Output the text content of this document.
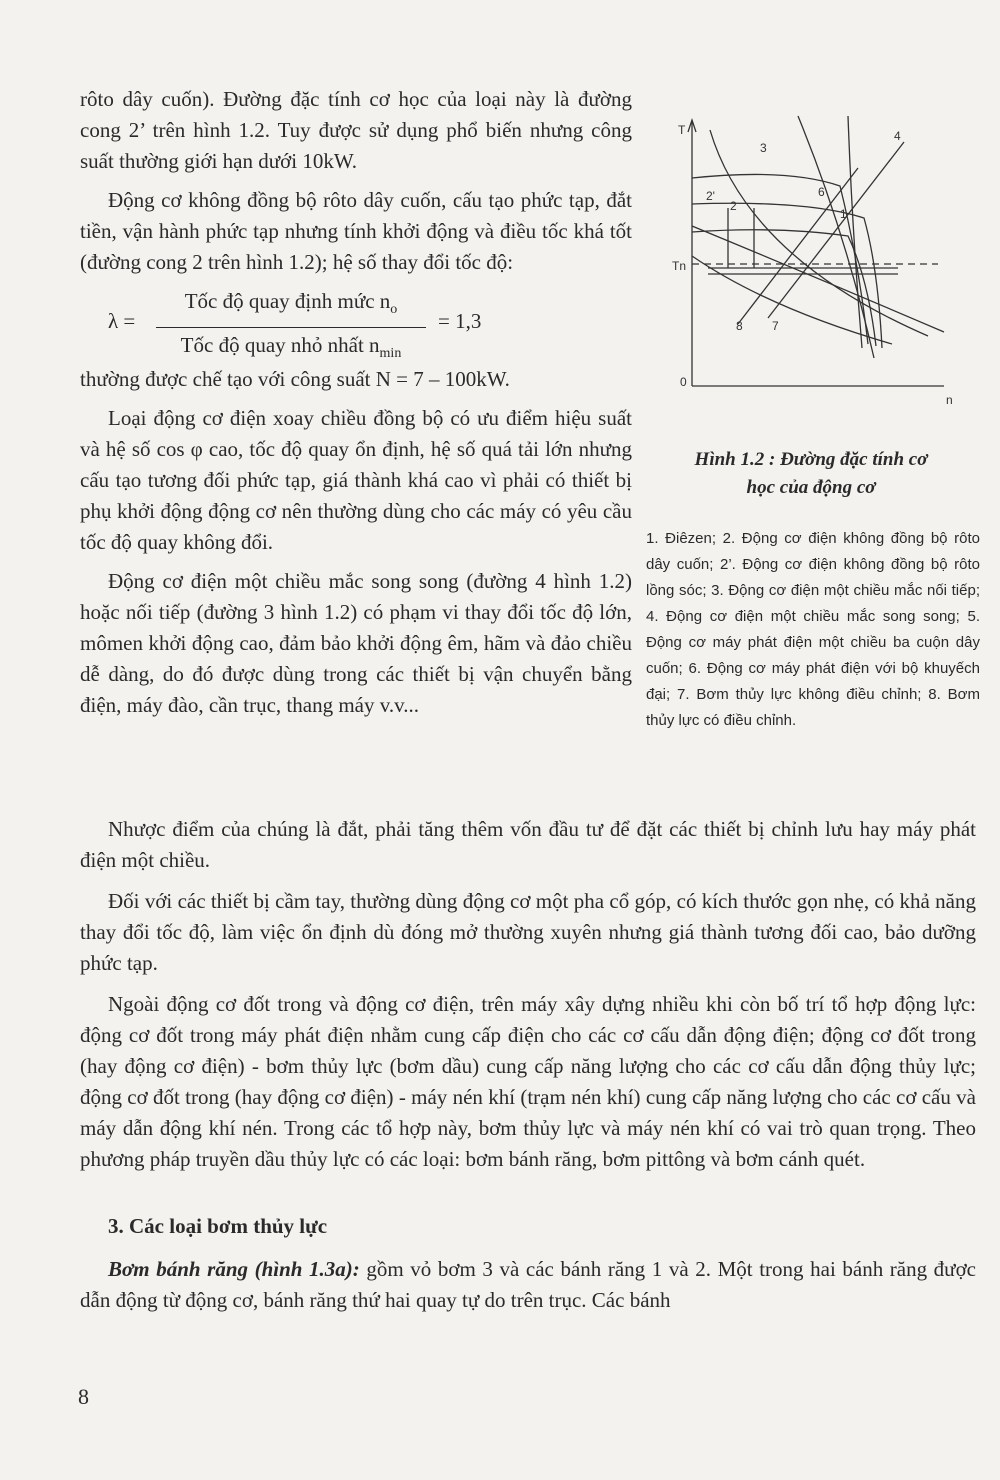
rôto dây cuốn). Đường đặc tính cơ học của loại này là đường cong 2’ trên hình 1.2. Tuy được sử dụng phổ biến nhưng công suất thường giới hạn dưới 10kW.

Động cơ không đồng bộ rôto dây cuốn, cấu tạo phức tạp, đắt tiền, vận hành phức tạp nhưng tính khởi động và điều tốc khá tốt (đường cong 2 trên hình 1.2); hệ số thay đổi tốc độ:

λ =
Tốc độ quay định mức $n_o$
Tốc độ quay nhỏ nhất $n_{min}$
= 1,3

thường được chế tạo với công suất N = 7 – 100kW.

Loại động cơ điện xoay chiều đồng bộ có ưu điểm hiệu suất và hệ số cos φ cao, tốc độ quay ổn định, hệ số quá tải lớn nhưng cấu tạo tương đối phức tạp, giá thành khá cao vì phải có thiết bị phụ khởi động động cơ nên thường dùng cho các máy có yêu cầu tốc độ quay không đổi.

Động cơ điện một chiều mắc song song (đường 4 hình 1.2) hoặc nối tiếp (đường 3 hình 1.2) có phạm vi thay đổi tốc độ lớn, mômen khởi động cao, đảm bảo khởi động êm, hãm và đảo chiều dễ dàng, do đó được dùng trong các thiết bị vận chuyển bằng điện, máy đào, cần trục, thang máy v.v...

T
n
0
Tn
1
2
2'
3
4
6
7
8
Hình 1.2 : Đường đặc tính cơ
học của động cơ
1. Điêzen; 2. Động cơ điện không đồng bộ rôto dây cuốn; 2’. Động cơ điện không đồng bộ rôto lồng sóc; 3. Động cơ điện một chiều mắc nối tiếp; 4. Động cơ điện một chiều mắc song song; 5. Động cơ máy phát điện một chiều ba cuộn dây cuốn; 6. Động cơ máy phát điện với bộ khuyếch đại; 7. Bơm thủy lực không điều chỉnh; 8. Bơm thủy lực có điều chỉnh.

Nhược điểm của chúng là đắt, phải tăng thêm vốn đầu tư để đặt các thiết bị chỉnh lưu hay máy phát điện một chiều.

Đối với các thiết bị cầm tay, thường dùng động cơ một pha cổ góp, có kích thước gọn nhẹ, có khả năng thay đổi tốc độ, làm việc ổn định dù đóng mở thường xuyên nhưng giá thành tương đối cao, bảo dưỡng phức tạp.

Ngoài động cơ đốt trong và động cơ điện, trên máy xây dựng nhiều khi còn bố trí tổ hợp động lực: động cơ đốt trong máy phát điện nhằm cung cấp điện cho các cơ cấu dẫn động điện; động cơ đốt trong (hay động cơ điện) - bơm thủy lực (bơm dầu) cung cấp năng lượng cho các cơ cấu dẫn động thủy lực; động cơ đốt trong (hay động cơ điện) - máy nén khí (trạm nén khí) cung cấp năng lượng cho các cơ cấu và máy dẫn động khí nén. Trong các tổ hợp này, bơm thủy lực và máy nén khí có vai trò quan trọng. Theo phương pháp truyền dầu thủy lực có các loại: bơm bánh răng, bơm pittông và bơm cánh quét.

3. Các loại bơm thủy lực

Bơm bánh răng (hình 1.3a): gồm vỏ bơm 3 và các bánh răng 1 và 2. Một trong hai bánh răng được dẫn động từ động cơ, bánh răng thứ hai quay tự do trên trục. Các bánh

8
